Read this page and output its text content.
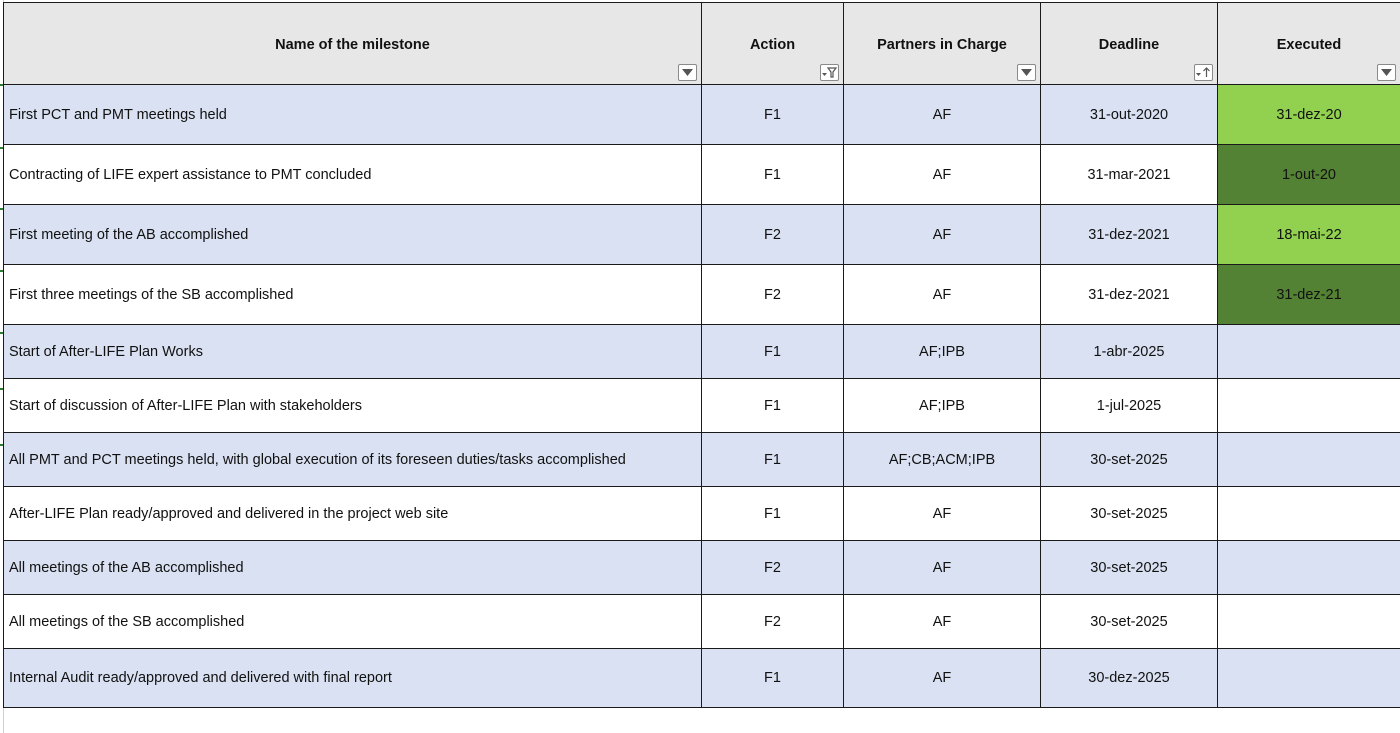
Name of the milestone	Action	Partners in Charge	Deadline	Executed

First PCT and PMT meetings held	F1	AF	31-out-2020	31-dez-20
Contracting of LIFE expert assistance to PMT concluded	F1	AF	31-mar-2021	1-out-20
First meeting of the AB accomplished	F2	AF	31-dez-2021	18-mai-22
First three meetings of the SB accomplished	F2	AF	31-dez-2021	31-dez-21
Start of After-LIFE Plan Works	F1	AF;IPB	1-abr-2025	
Start of discussion of After-LIFE Plan with stakeholders	F1	AF;IPB	1-jul-2025	
All PMT and PCT meetings held, with global execution of its foreseen duties/tasks accomplished	F1	AF;CB;ACM;IPB	30-set-2025	
After-LIFE Plan ready/approved and delivered in the project web site	F1	AF	30-set-2025	
All meetings of the AB accomplished	F2	AF	30-set-2025	
All meetings of the SB accomplished	F2	AF	30-set-2025	
Internal Audit ready/approved and delivered with final report	F1	AF	30-dez-2025	
